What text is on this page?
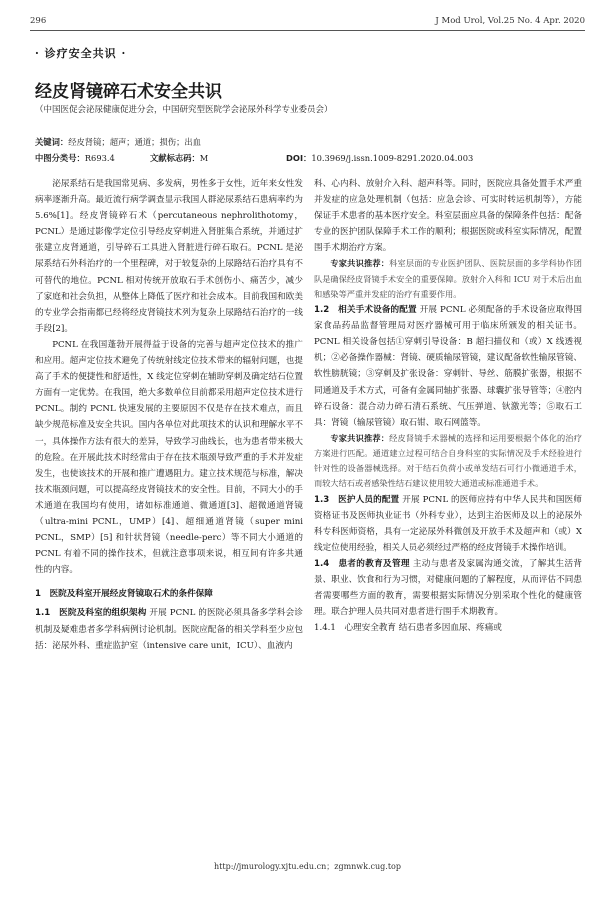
296	J Mod Urol, Vol.25 No. 4 Apr. 2020
· 诊疗安全共识 ·
经皮肾镜碎石术安全共识
（中国医促会泌尿健康促进分会，中国研究型医院学会泌尿外科学专业委员会）
关键词：经皮肾镜；超声；通道；损伤；出血
中图分类号：R693.4	文献标志码：M	DOI：10.3969/j.issn.1009-8291.2020.04.003

泌尿系结石是我国常见病、多发病，男性多于女性，近年来女性发病率逐渐升高。最近流行病学调查显示我国人群泌尿系结石患病率约为 5.6%[1]。经皮肾镜碎石术（percutaneous nephrolithotomy，PCNL）是通过影像学定位引导经皮穿刺进入肾脏集合系统，并通过扩张建立皮肾通道，引导碎石工具进入肾脏进行碎石取石。PCNL 是泌尿系结石外科治疗的一个里程碑，对于较复杂的上尿路结石治疗具有不可替代的地位。PCNL 相对传统开放取石手术创伤小、痛苦少，减少了家庭和社会负担，从整体上降低了医疗和社会成本。目前我国和欧美的专业学会指南都已经将经皮肾镜技术列为复杂上尿路结石治疗的一线手段[2]。

PCNL 在我国蓬勃开展得益于设备的完善与超声定位技术的推广和应用。超声定位技术避免了传统射线定位技术带来的辐射问题，也提高了手术的便捷性和舒适性，X 线定位穿刺在辅助穿刺及确定结石位置方面有一定优势。在我国，绝大多数单位目前都采用超声定位技术进行 PCNL。制约 PCNL 快速发展的主要原因不仅是存在技术难点，而且缺少规范标准及安全共识。国内各单位对此项技术的认识和理解水平不一，具体操作方法有很大的差异，导致学习曲线长，也为患者带来极大的危险。在开展此技术时经常由于存在技术瓶颈导致严重的手术并发症发生，也使该技术的开展和推广遭遇阻力。建立技术规范与标准，解决技术瓶颈问题，可以提高经皮肾镜技术的安全性。目前，不同大小的手术通道在我国均有使用，诸如标准通道、微通道[3]、超微通道肾镜（ultra-mini PCNL，UMP）[4]、超细通道肾镜（super mini PCNL，SMP）[5] 和针状肾镜（needle-perc）等不同大小通道的 PCNL 有着不同的操作技术，但就注意事项来说，相互间有许多共通性的内容。

1　医院及科室开展经皮肾镜取石术的条件保障

1.1　医院及科室的组织架构 开展 PCNL 的医院必须具备多学科会诊机制及疑难患者多学科病例讨论机制。医院应配备的相关学科至少应包括：泌尿外科、重症监护室（intensive care unit，ICU）、血液内

科、心内科、放射介入科、超声科等。同时，医院应具备处置手术严重并发症的应急处理机制（包括：应急会诊、可实时转运机制等），方能保证手术患者的基本医疗安全。科室层面应具备的保障条件包括：配备专业的医护团队保障手术工作的顺利；根据医院或科室实际情况，配置围手术期治疗方案。

专家共识推荐：科室层面的专业医护团队、医院层面的多学科协作团队是确保经皮肾镜手术安全的重要保障。放射介入科和 ICU 对于术后出血和感染等严重并发症的治疗有重要作用。

1.2　相关手术设备的配置 开展 PCNL 必须配备的手术设备应取得国家食品药品监督管理局对医疗器械可用于临床所颁发的相关证书。PCNL 相关设备包括①穿刺引导设备：B 超扫描仪和（或）X 线透视机；②必备操作器械：肾镜、硬质输尿管镜，建议配备软性输尿管镜、软性膀胱镜；③穿刺及扩张设备：穿刺针、导丝、筋膜扩张器，根据不同通道及手术方式，可备有金属同轴扩张器、球囊扩张导管等；④腔内碎石设备：混合动力碎石清石系统、气压弹道、钬激光等；⑤取石工具：肾镜（输尿管镜）取石钳、取石网篮等。

专家共识推荐：经皮肾镜手术器械的选择和运用要根据个体化的治疗方案进行匹配。通道建立过程可结合自身科室的实际情况及手术经验进行针对性的设备器械选择。对于结石负荷小或单发结石可行小微通道手术，而较大结石或者感染性结石建议使用较大通道或标准通道手术。

1.3　医护人员的配置 开展 PCNL 的医师应持有中华人民共和国医师资格证书及医师执业证书（外科专业），达到主治医师及以上的泌尿外科专科医师资格，具有一定泌尿外科微创及开放手术及超声和（或）X 线定位使用经验，相关人员必须经过严格的经皮肾镜手术操作培训。

1.4　患者的教育及管理 主动与患者及家属沟通交流，了解其生活背景、职业、饮食和行为习惯，对健康问题的了解程度，从而评估不同患者需要哪些方面的教育，需要根据实际情况分别采取个性化的健康管理。联合护理人员共同对患者进行围手术期教育。

1.4.1　心理安全教育 结石患者多因血尿、疼痛或

http://jmurology.xjtu.edu.cn；zgmnwk.cug.top
